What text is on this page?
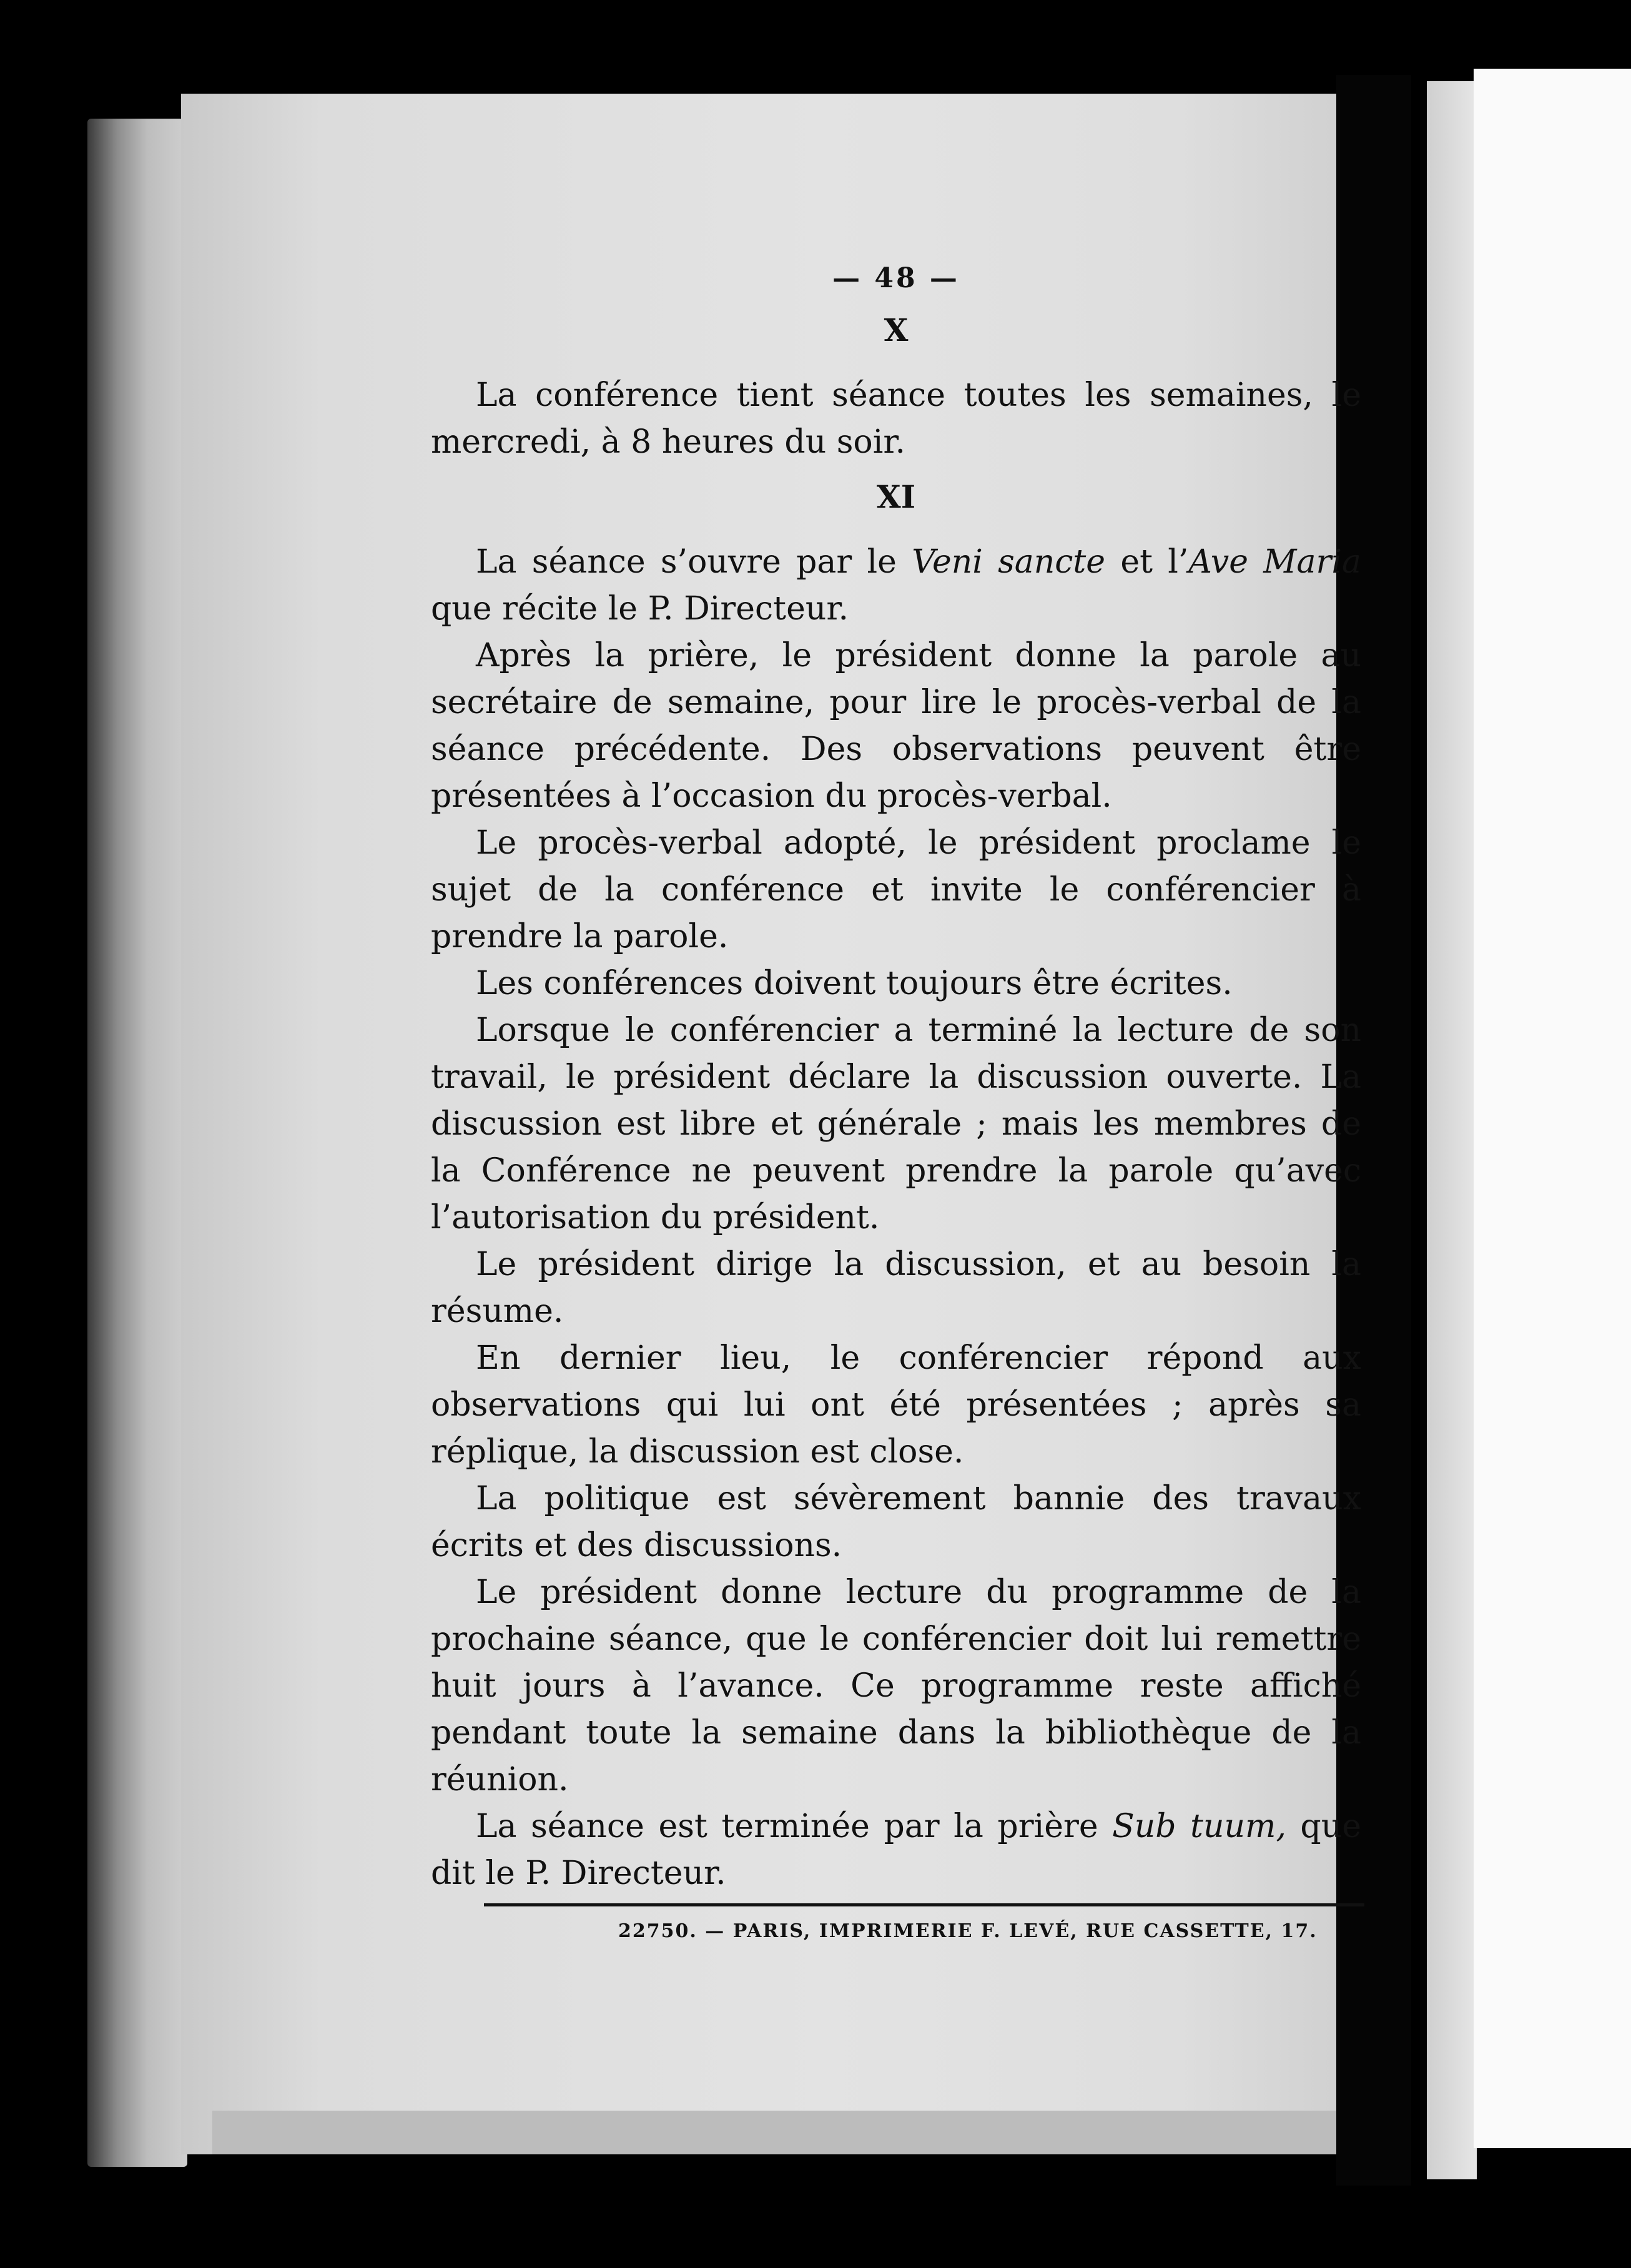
— 48 —
X

La conférence tient séance toutes les semaines, le mercredi, à 8 heures du soir.

XI

La séance s’ouvre par le Veni sancte et l’Ave Maria que récite le P. Directeur.

Après la prière, le président donne la parole au secrétaire de semaine, pour lire le procès-verbal de la séance précédente. Des observations peuvent être présentées à l’occasion du procès-verbal.

Le procès-verbal adopté, le président proclame le sujet de la conférence et invite le conférencier à prendre la parole.

Les conférences doivent toujours être écrites.

Lorsque le conférencier a terminé la lecture de son travail, le président déclare la discussion ouverte. La discussion est libre et générale ; mais les membres de la Conférence ne peuvent prendre la parole qu’avec l’autorisation du président.

Le président dirige la discussion, et au besoin la résume.

En dernier lieu, le conférencier répond aux observations qui lui ont été présentées ; après sa réplique, la discussion est close.

La politique est sévèrement bannie des travaux écrits et des discussions.

Le président donne lecture du programme de la prochaine séance, que le conférencier doit lui remettre huit jours à l’avance. Ce programme reste affiché pendant toute la semaine dans la bibliothèque de la réunion.

La séance est terminée par la prière Sub tuum, que dit le P. Directeur.

22750. — PARIS, IMPRIMERIE F. LEVÉ, RUE CASSETTE, 17.
